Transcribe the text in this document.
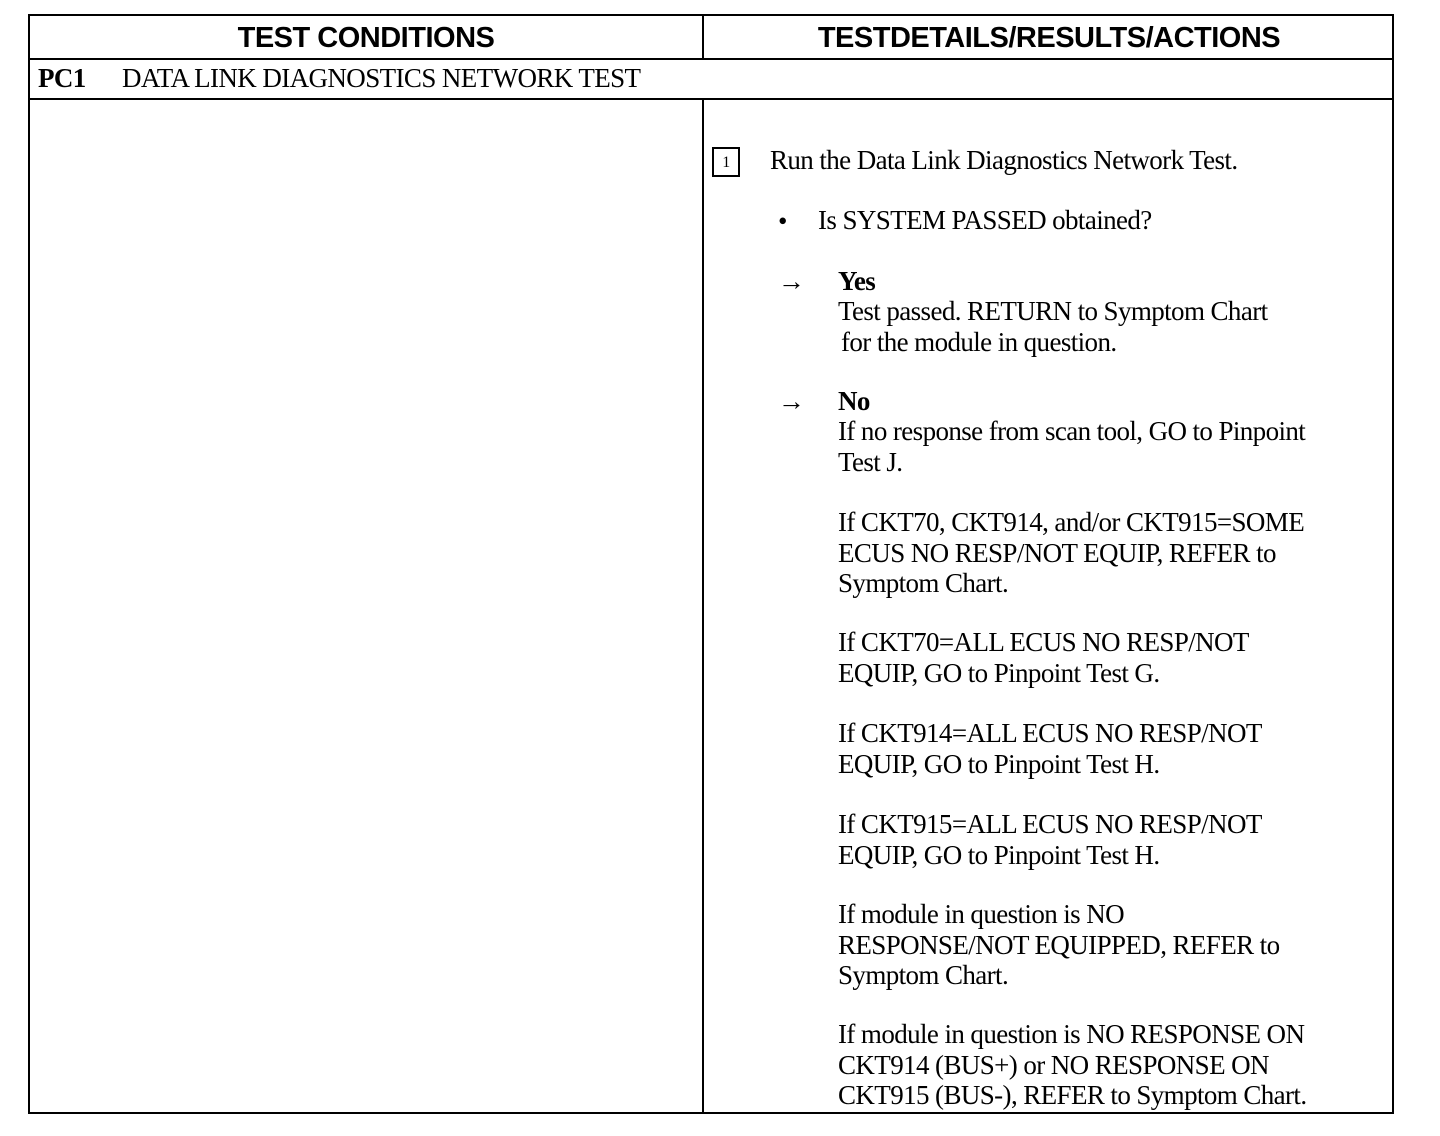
TEST CONDITIONS	TESTDETAILS/RESULTS/ACTIONS
PC1 DATA LINK DIAGNOSTICS NETWORK TEST
1	Run the Data Link Diagnostics Network Test.
• Is SYSTEM PASSED obtained?
→ Yes

Test passed. RETURN to Symptom Chart

for the module in question.

→ No

If no response from scan tool, GO to Pinpoint

Test J.

If CKT70, CKT914, and/or CKT915=SOME

ECUS NO RESP/NOT EQUIP, REFER to

Symptom Chart.

If CKT70=ALL ECUS NO RESP/NOT

EQUIP, GO to Pinpoint Test G.

If CKT914=ALL ECUS NO RESP/NOT

EQUIP, GO to Pinpoint Test H.

If CKT915=ALL ECUS NO RESP/NOT

EQUIP, GO to Pinpoint Test H.

If module in question is NO

RESPONSE/NOT EQUIPPED, REFER to

Symptom Chart.

If module in question is NO RESPONSE ON

CKT914 (BUS+) or NO RESPONSE ON

CKT915 (BUS-), REFER to Symptom Chart.
